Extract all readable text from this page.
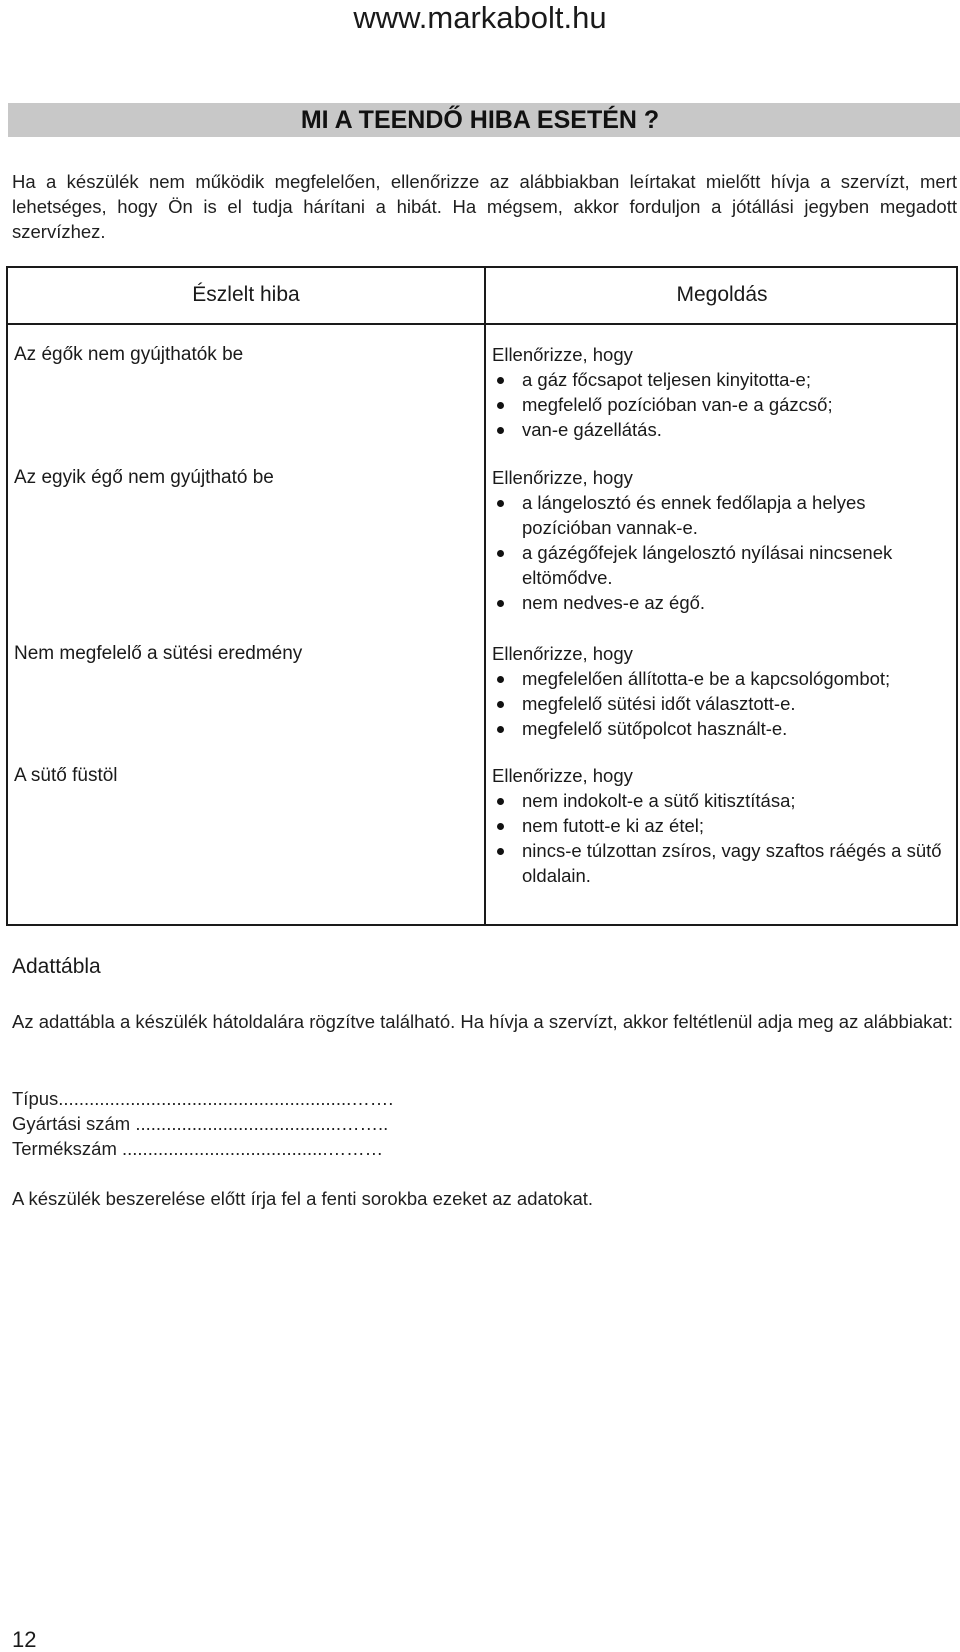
www.markabolt.hu
MI A TEENDŐ HIBA ESETÉN ?
Ha a készülék nem működik megfelelően, ellenőrizze az alábbiakban leírtakat mielőtt hívja a szervízt, mert lehetséges, hogy Ön is el tudja hárítani a hibát. Ha mégsem, akkor forduljon a jótállási jegyben megadott szervízhez.
Észlelt hiba	Megoldás
Az égők nem gyújthatók be	Ellenőrizze, hogy
a gáz főcsapot teljesen kinyitotta-e;
megfelelő pozícióban van-e a gázcső;
van-e gázellátás.
Az egyik égő nem gyújtható be	Ellenőrizze, hogy
a lángelosztó és ennek fedőlapja a helyes pozícióban vannak-e.
a gázégőfejek lángelosztó nyílásai nincsenek eltömődve.
nem nedves-e az égő.
Nem megfelelő a sütési eredmény	Ellenőrizze, hogy
megfelelően állította-e be a kapcsológombot;
megfelelő sütési időt választott-e.
megfelelő sütőpolcot használt-e.
A sütő füstöl	Ellenőrizze, hogy
nem indokolt-e a sütő kitisztítása;
nem futott-e ki az étel;
nincs-e túlzottan zsíros, vagy szaftos ráégés a sütő oldalain.
Adattábla
Az adattábla a készülék hátoldalára rögzítve található. Ha hívja a szervízt, akkor feltétlenül adja meg az alábbiakat:
Típus.........................................................…….
Gyártási szám ........................................……..
Termékszám ........................................………
A készülék beszerelése előtt írja fel a fenti sorokba ezeket az adatokat.
12
